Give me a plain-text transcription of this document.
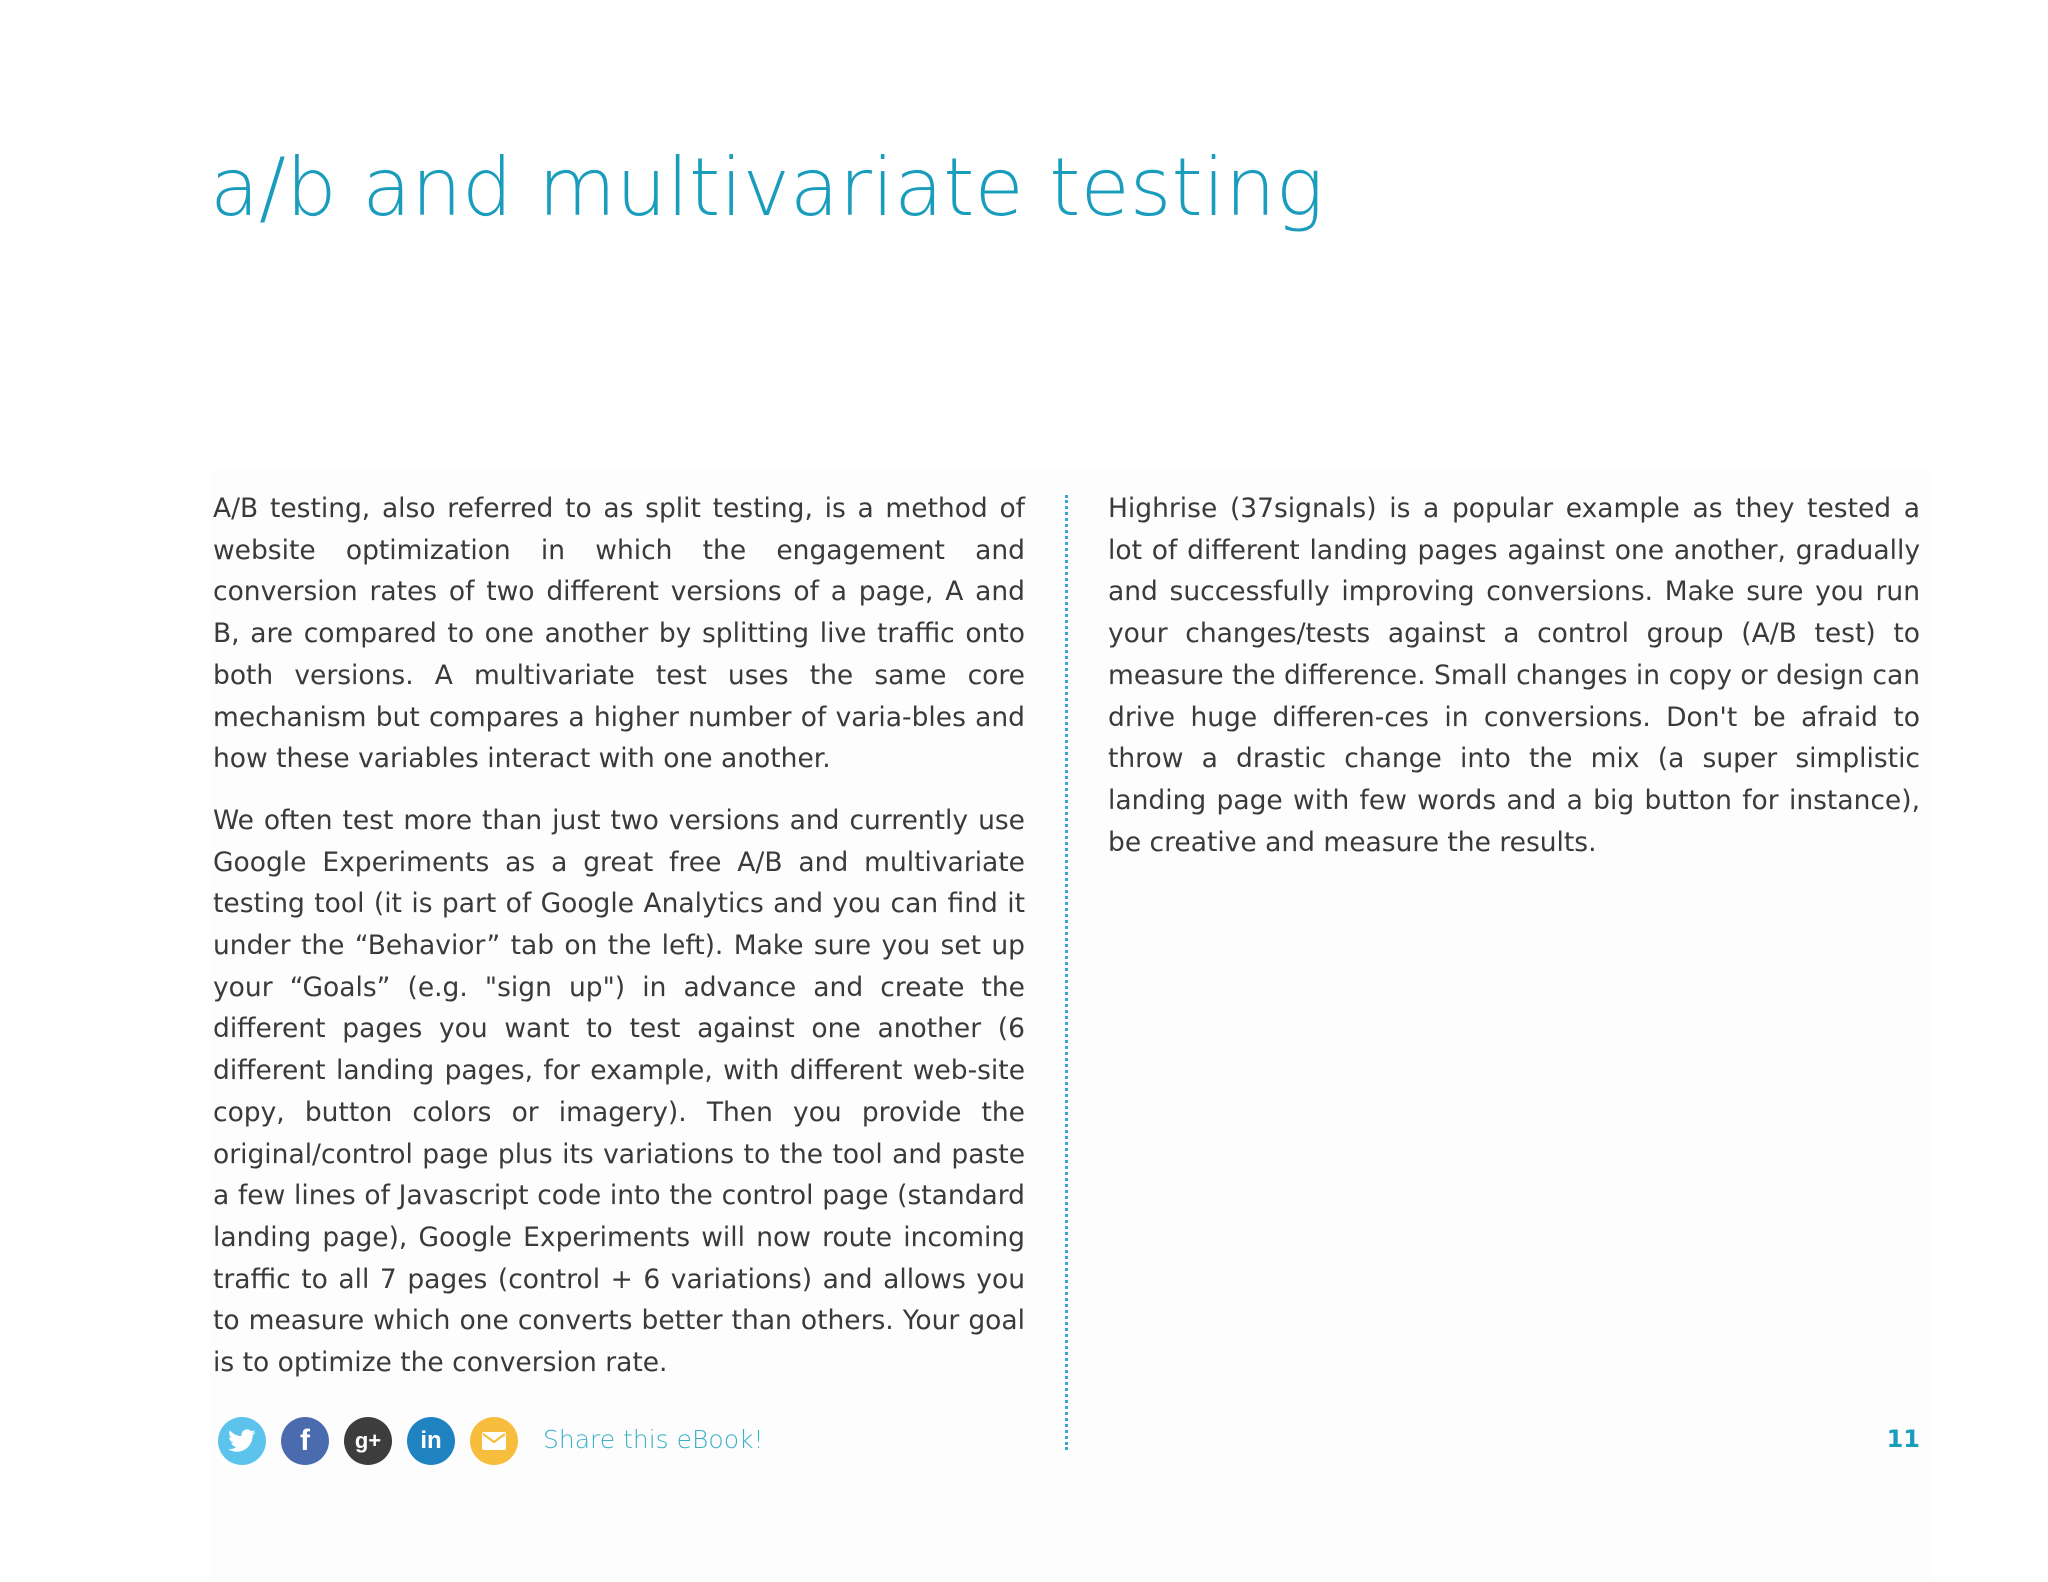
a/b and multivariate testing

A/B testing, also referred to as split testing, is a method of website optimization in which the engagement and conversion rates of two different versions of a page, A and B, are compared to one another by splitting live traffic onto both versions. A multivariate test uses the same core mechanism but compares a higher number of varia-bles and how these variables interact with one another.

We often test more than just two versions and currently use Google Experiments as a great free A/B and multivariate testing tool (it is part of Google Analytics and you can find it under the “Behavior” tab on the left). Make sure you set up your “Goals” (e.g. "sign up") in advance and create the different pages you want to test against one another (6 different landing pages, for example, with different web-site copy, button colors or imagery). Then you provide the original/control page plus its variations to the tool and paste a few lines of Javascript code into the control page (standard landing page), Google Experiments will now route incoming traffic to all 7 pages (control + 6 variations) and allows you to measure which one converts better than others. Your goal is to optimize the conversion rate.

Highrise (37signals) is a popular example as they tested a lot of different landing pages against one another, gradually and successfully improving conversions. Make sure you run your changes/tests against a control group (A/B test) to measure the difference. Small changes in copy or design can drive huge differen-ces in conversions. Don't be afraid to throw a drastic change into the mix (a super simplistic landing page with few words and a big button for instance), be creative and measure the results.

f g+ in	Share this eBook!	11
